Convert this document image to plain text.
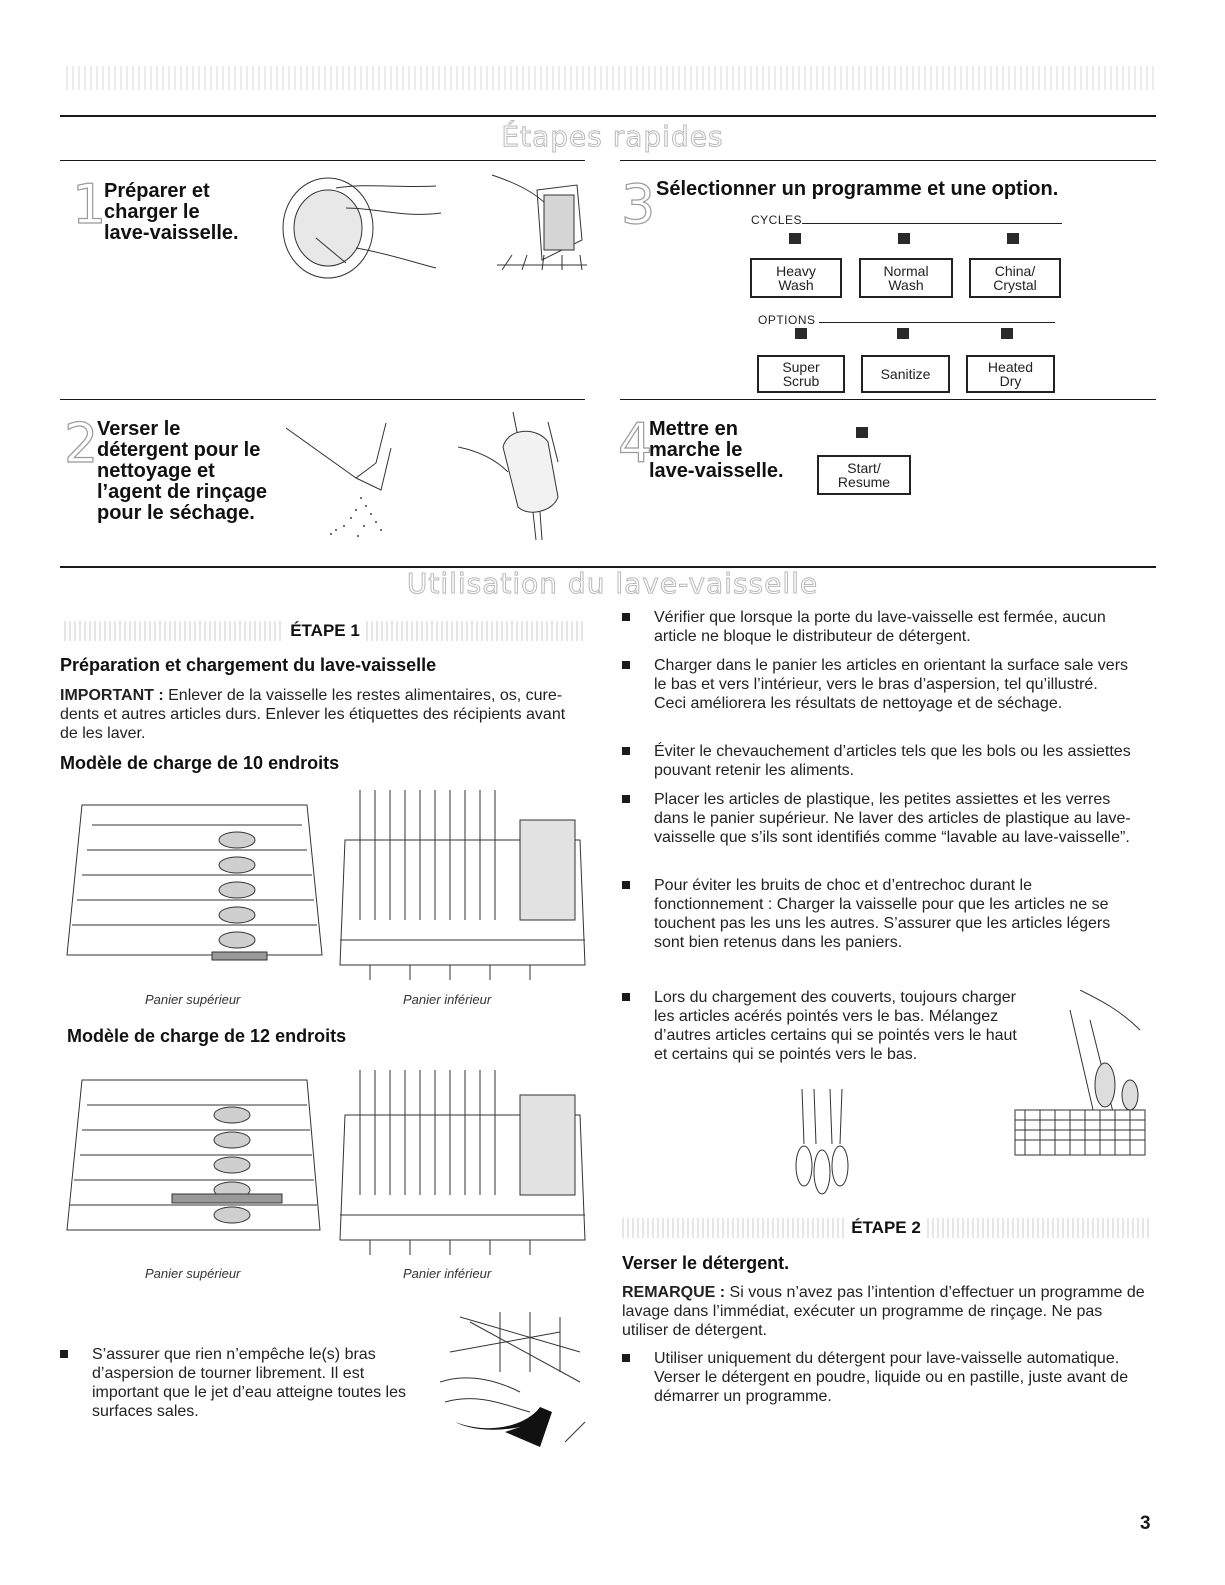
Étapes rapides
1
Préparer et
charger le
lave-vaisselle.
2
Verser le
détergent pour le
nettoyage et
l’agent de rinçage
pour le séchage.
3 Sélectionner un programme et une option.
CYCLES
Heavy
Wash
Normal
Wash
China/
Crystal
OPTIONS
Super
Scrub	Sanitize	Heated
Dry
4
Mettre en
marche le
lave-vaisselle.	Start/
Resume
Utilisation du lave-vaisselle
ÉTAPE 1
Préparation et chargement du lave-vaisselle

IMPORTANT : Enlever de la vaisselle les restes alimentaires, os, cure-dents et autres articles durs. Enlever les étiquettes des récipients avant de les laver.

Modèle de charge de 10 endroits
Panier supérieur	Panier inférieur
Modèle de charge de 12 endroits
Panier supérieur	Panier inférieur
S’assurer que rien n’empêche le(s) bras d’aspersion de tourner librement. Il est important que le jet d’eau atteigne toutes les surfaces sales.
Vérifier que lorsque la porte du lave-vaisselle est fermée, aucun article ne bloque le distributeur de détergent.
Charger dans le panier les articles en orientant la surface sale vers le bas et vers l’intérieur, vers le bras d’aspersion, tel qu’illustré. Ceci améliorera les résultats de nettoyage et de séchage.
Éviter le chevauchement d’articles tels que les bols ou les assiettes pouvant retenir les aliments.
Placer les articles de plastique, les petites assiettes et les verres dans le panier supérieur. Ne laver des articles de plastique au lave-vaisselle que s’ils sont identifiés comme “lavable au lave-vaisselle”.
Pour éviter les bruits de choc et d’entrechoc durant le fonctionnement : Charger la vaisselle pour que les articles ne se touchent pas les uns les autres. S’assurer que les articles légers sont bien retenus dans les paniers.
Lors du chargement des couverts, toujours charger les articles acérés pointés vers le bas. Mélangez d’autres articles certains qui se pointés vers le haut et certains qui se pointés vers le bas.
ÉTAPE 2
Verser le détergent.

REMARQUE : Si vous n’avez pas l’intention d’effectuer un programme de lavage dans l’immédiat, exécuter un programme de rinçage. Ne pas utiliser de détergent.

Utiliser uniquement du détergent pour lave-vaisselle automatique. Verser le détergent en poudre, liquide ou en pastille, juste avant de démarrer un programme.
3
